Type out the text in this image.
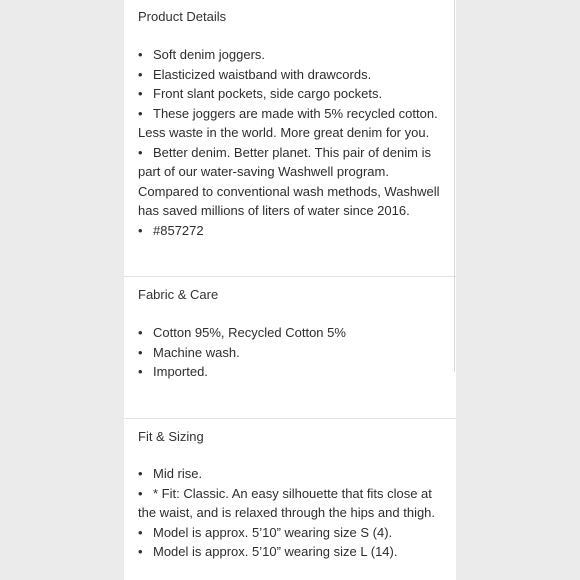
Product Details
• Soft denim joggers.
• Elasticized waistband with drawcords.
• Front slant pockets, side cargo pockets.
• These joggers are made with 5% recycled cotton. Less waste in the world. More great denim for you.
• Better denim. Better planet. This pair of denim is part of our water-saving Washwell program. Compared to conventional wash methods, Washwell has saved millions of liters of water since 2016.
• #857272
Fabric & Care
• Cotton 95%, Recycled Cotton 5%
• Machine wash.
• Imported.
Fit & Sizing
• Mid rise.
• * Fit: Classic. An easy silhouette that fits close at the waist, and is relaxed through the hips and thigh.
• Model is approx. 5’10” wearing size S (4).
• Model is approx. 5’10” wearing size L (14).
